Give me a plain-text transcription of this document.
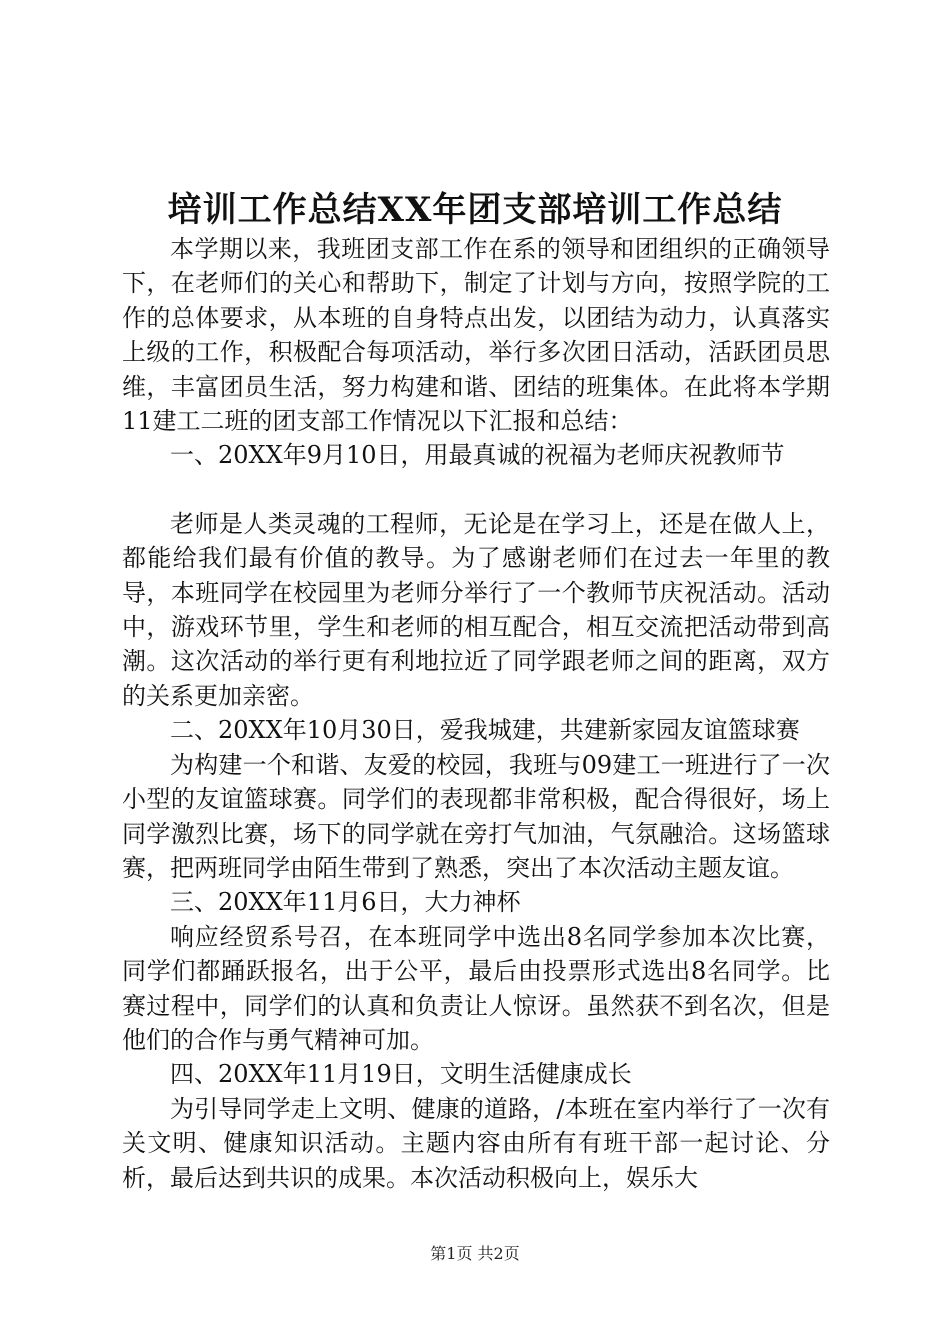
培训工作总结XX年团支部培训工作总结

本学期以来，我班团支部工作在系的领导和团组织的正确领导下，在老师们的关心和帮助下，制定了计划与方向，按照学院的工作的总体要求，从本班的自身特点出发，以团结为动力，认真落实上级的工作，积极配合每项活动，举行多次团日活动，活跃团员思维，丰富团员生活，努力构建和谐、团结的班集体。在此将本学期11建工二班的团支部工作情况以下汇报和总结：

一、20XX年9月10日，用最真诚的祝福为老师庆祝教师节

老师是人类灵魂的工程师，无论是在学习上，还是在做人上，都能给我们最有价值的教导。为了感谢老师们在过去一年里的教导，本班同学在校园里为老师分举行了一个教师节庆祝活动。活动中，游戏环节里，学生和老师的相互配合，相互交流把活动带到高潮。这次活动的举行更有利地拉近了同学跟老师之间的距离，双方的关系更加亲密。

二、20XX年10月30日，爱我城建，共建新家园友谊篮球赛

为构建一个和谐、友爱的校园，我班与09建工一班进行了一次小型的友谊篮球赛。同学们的表现都非常积极，配合得很好，场上同学激烈比赛，场下的同学就在旁打气加油，气氛融洽。这场篮球赛，把两班同学由陌生带到了熟悉，突出了本次活动主题友谊。

三、20XX年11月6日，大力神杯

响应经贸系号召，在本班同学中选出8名同学参加本次比赛，同学们都踊跃报名，出于公平，最后由投票形式选出8名同学。比赛过程中，同学们的认真和负责让人惊讶。虽然获不到名次，但是他们的合作与勇气精神可加。

四、20XX年11月19日，文明生活健康成长

为引导同学走上文明、健康的道路，/本班在室内举行了一次有关文明、健康知识活动。主题内容由所有有班干部一起讨论、分析，最后达到共识的成果。本次活动积极向上，娱乐大

第1页 共2页
